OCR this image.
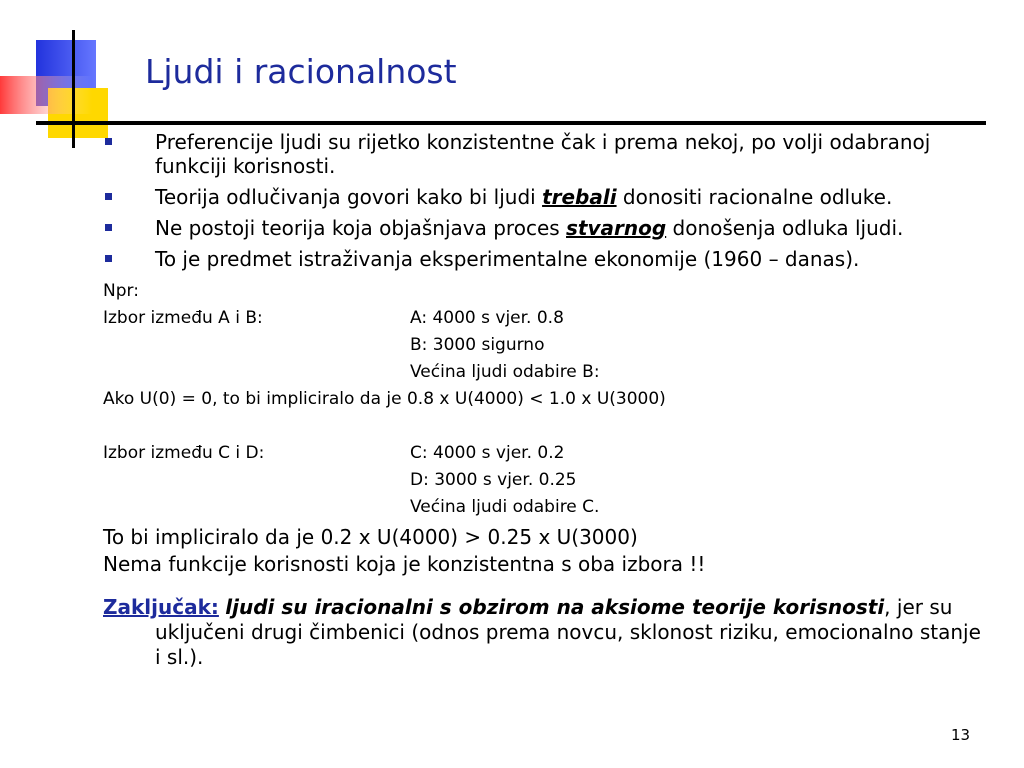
Ljudi i racionalnost
Preferencije ljudi su rijetko konzistentne čak i prema nekoj, po volji odabranoj funkciji korisnosti.
Teorija odlučivanja govori kako bi ljudi trebali donositi racionalne odluke.
Ne postoji teorija koja objašnjava proces stvarnog donošenja odluka ljudi.
To je predmet istraživanja eksperimentalne ekonomije (1960 – danas).
Npr:
Izbor između A i B:	A: 4000 s vjer. 0.8
B: 3000 sigurno
Većina ljudi odabire B:
Ako U(0) = 0, to bi impliciralo da je 0.8 x U(4000) < 1.0 x U(3000)
Izbor između C i D:	C: 4000 s vjer. 0.2
D: 3000 s vjer. 0.25
Većina ljudi odabire C.
To bi impliciralo da je 0.2 x U(4000) > 0.25 x U(3000)
Nema funkcije korisnosti koja je konzistentna s oba izbora !!
Zaključak: ljudi su iracionalni s obzirom na aksiome teorije korisnosti, jer su uključeni drugi čimbenici (odnos prema novcu, sklonost riziku, emocionalno stanje i sl.).
13
